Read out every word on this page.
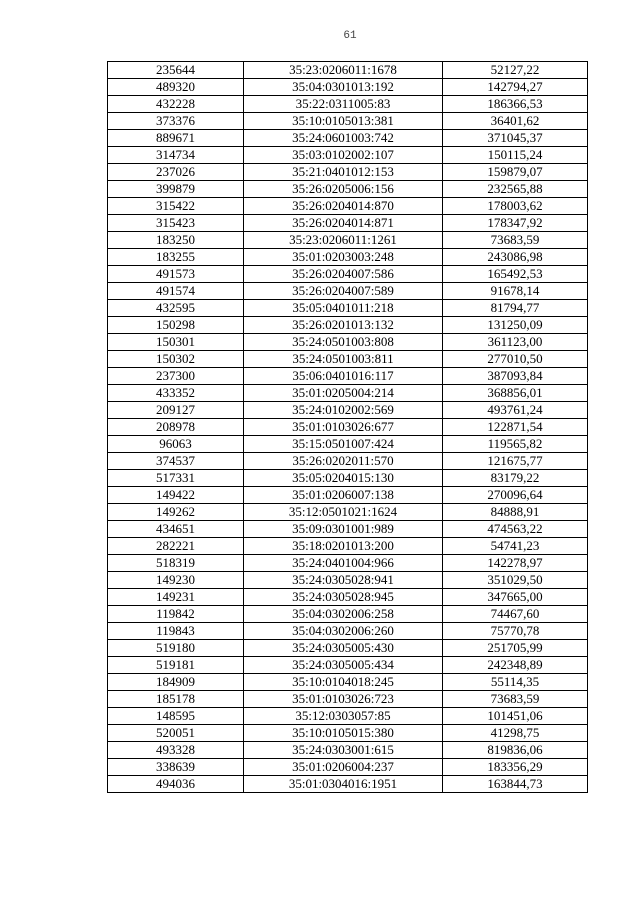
61
235644	35:23:0206011:1678	52127,22
489320	35:04:0301013:192	142794,27
432228	35:22:0311005:83	186366,53
373376	35:10:0105013:381	36401,62
889671	35:24:0601003:742	371045,37
314734	35:03:0102002:107	150115,24
237026	35:21:0401012:153	159879,07
399879	35:26:0205006:156	232565,88
315422	35:26:0204014:870	178003,62
315423	35:26:0204014:871	178347,92
183250	35:23:0206011:1261	73683,59
183255	35:01:0203003:248	243086,98
491573	35:26:0204007:586	165492,53
491574	35:26:0204007:589	91678,14
432595	35:05:0401011:218	81794,77
150298	35:26:0201013:132	131250,09
150301	35:24:0501003:808	361123,00
150302	35:24:0501003:811	277010,50
237300	35:06:0401016:117	387093,84
433352	35:01:0205004:214	368856,01
209127	35:24:0102002:569	493761,24
208978	35:01:0103026:677	122871,54
96063	35:15:0501007:424	119565,82
374537	35:26:0202011:570	121675,77
517331	35:05:0204015:130	83179,22
149422	35:01:0206007:138	270096,64
149262	35:12:0501021:1624	84888,91
434651	35:09:0301001:989	474563,22
282221	35:18:0201013:200	54741,23
518319	35:24:0401004:966	142278,97
149230	35:24:0305028:941	351029,50
149231	35:24:0305028:945	347665,00
119842	35:04:0302006:258	74467,60
119843	35:04:0302006:260	75770,78
519180	35:24:0305005:430	251705,99
519181	35:24:0305005:434	242348,89
184909	35:10:0104018:245	55114,35
185178	35:01:0103026:723	73683,59
148595	35:12:0303057:85	101451,06
520051	35:10:0105015:380	41298,75
493328	35:24:0303001:615	819836,06
338639	35:01:0206004:237	183356,29
494036	35:01:0304016:1951	163844,73
